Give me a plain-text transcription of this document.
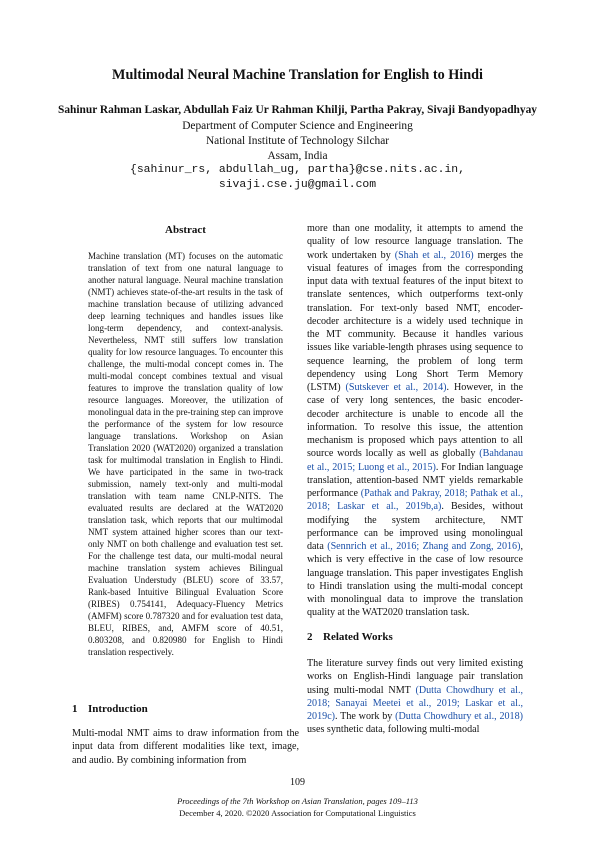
Multimodal Neural Machine Translation for English to Hindi
Sahinur Rahman Laskar, Abdullah Faiz Ur Rahman Khilji, Partha Pakray, Sivaji Bandyopadhyay
Department of Computer Science and Engineering
National Institute of Technology Silchar
Assam, India
{sahinur_rs, abdullah_ug, partha}@cse.nits.ac.in,
sivaji.cse.ju@gmail.com
Abstract
Machine translation (MT) focuses on the automatic translation of text from one natural language to another natural language. Neural machine translation (NMT) achieves state-of-the-art results in the task of machine translation because of utilizing advanced deep learning techniques and handles issues like long-term dependency, and context-analysis. Nevertheless, NMT still suffers low translation quality for low resource languages. To encounter this challenge, the multi-modal concept comes in. The multi-modal concept combines textual and visual features to improve the translation quality of low resource languages. Moreover, the utilization of monolingual data in the pre-training step can improve the performance of the system for low resource language translations. Workshop on Asian Translation 2020 (WAT2020) organized a translation task for multimodal translation in English to Hindi. We have participated in the same in two-track submission, namely text-only and multi-modal translation with team name CNLP-NITS. The evaluated results are declared at the WAT2020 translation task, which reports that our multimodal NMT system attained higher scores than our text-only NMT on both challenge and evaluation test set. For the challenge test data, our multi-modal neural machine translation system achieves Bilingual Evaluation Understudy (BLEU) score of 33.57, Rank-based Intuitive Bilingual Evaluation Score (RIBES) 0.754141, Adequacy-Fluency Metrics (AMFM) score 0.787320 and for evaluation test data, BLEU, RIBES, and, AMFM score of 40.51, 0.803208, and 0.820980 for English to Hindi translation respectively.
1 Introduction
Multi-modal NMT aims to draw information from the input data from different modalities like text, image, and audio. By combining information from
more than one modality, it attempts to amend the quality of low resource language translation. The work undertaken by (Shah et al., 2016) merges the visual features of images from the corresponding input data with textual features of the input bitext to translate sentences, which outperforms text-only translation. For text-only based NMT, encoder-decoder architecture is a widely used technique in the MT community. Because it handles various issues like variable-length phrases using sequence to sequence learning, the problem of long term dependency using Long Short Term Memory (LSTM) (Sutskever et al., 2014). However, in the case of very long sentences, the basic encoder-decoder architecture is unable to encode all the information. To resolve this issue, the attention mechanism is proposed which pays attention to all source words locally as well as globally (Bahdanau et al., 2015; Luong et al., 2015). For Indian language translation, attention-based NMT yields remarkable performance (Pathak and Pakray, 2018; Pathak et al., 2018; Laskar et al., 2019b,a). Besides, without modifying the system architecture, NMT performance can be improved using monolingual data (Sennrich et al., 2016; Zhang and Zong, 2016), which is very effective in the case of low resource language translation. This paper investigates English to Hindi translation using the multi-modal concept with monolingual data to improve the translation quality at the WAT2020 translation task.
2 Related Works
The literature survey finds out very limited existing works on English-Hindi language pair translation using multi-modal NMT (Dutta Chowdhury et al., 2018; Sanayai Meetei et al., 2019; Laskar et al., 2019c). The work by (Dutta Chowdhury et al., 2018) uses synthetic data, following multi-modal
109
Proceedings of the 7th Workshop on Asian Translation, pages 109–113
December 4, 2020. ©2020 Association for Computational Linguistics
